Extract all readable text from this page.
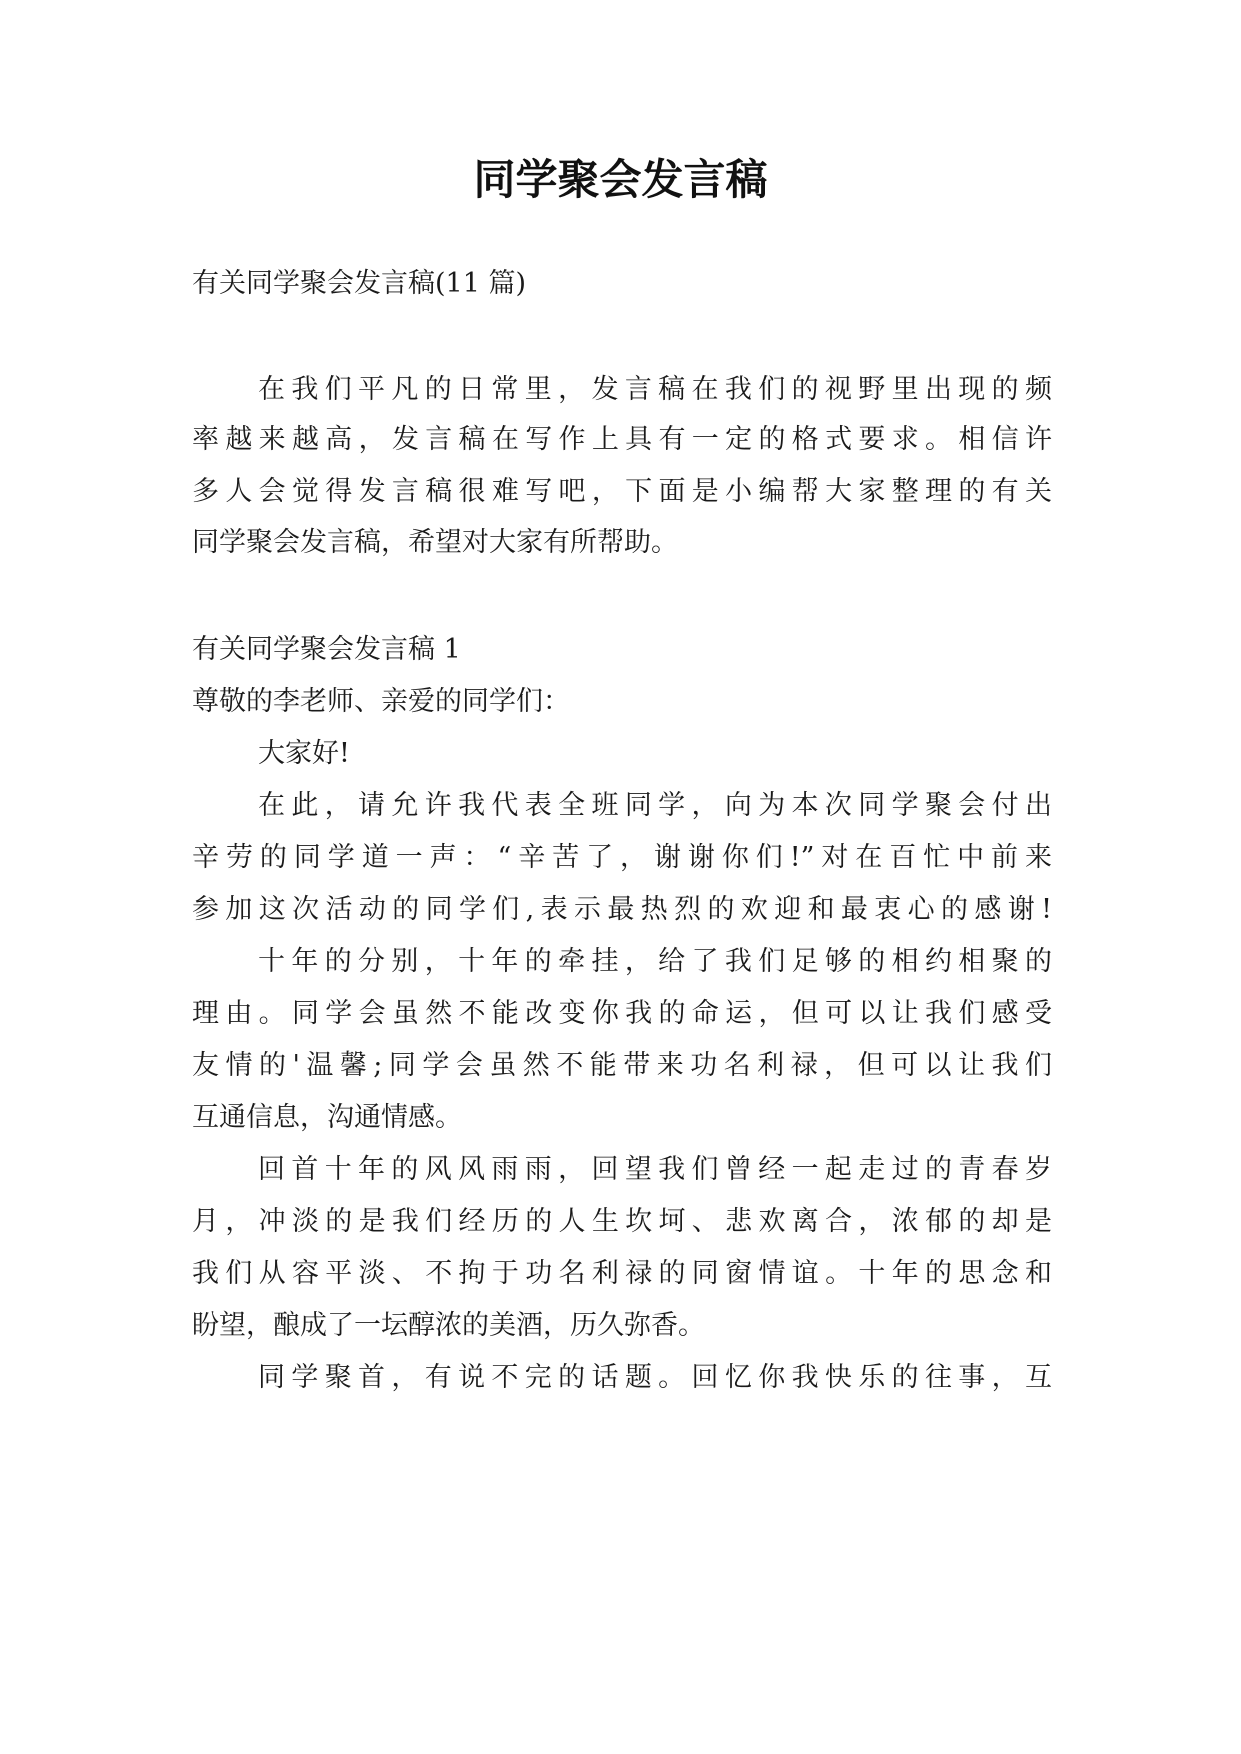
同学聚会发言稿

有关同学聚会发言稿(11 篇)

在我们平凡的日常里，发言稿在我们的视野里出现的频

率越来越高，发言稿在写作上具有一定的格式要求。相信许

多人会觉得发言稿很难写吧，下面是小编帮大家整理的有关

同学聚会发言稿，希望对大家有所帮助。

有关同学聚会发言稿 1

尊敬的李老师、亲爱的同学们：

大家好!

在此，请允许我代表全班同学，向为本次同学聚会付出

辛劳的同学道一声：“辛苦了，谢谢你们!”对在百忙中前来

参加这次活动的同学们,表示最热烈的欢迎和最衷心的感谢!

十年的分别，十年的牵挂，给了我们足够的相约相聚的

理由。同学会虽然不能改变你我的命运，但可以让我们感受

友情的'温馨;同学会虽然不能带来功名利禄，但可以让我们

互通信息，沟通情感。

回首十年的风风雨雨，回望我们曾经一起走过的青春岁

月，冲淡的是我们经历的人生坎坷、悲欢离合，浓郁的却是

我们从容平淡、不拘于功名利禄的同窗情谊。十年的思念和

盼望，酿成了一坛醇浓的美酒，历久弥香。

同学聚首，有说不完的话题。回忆你我快乐的往事，互
